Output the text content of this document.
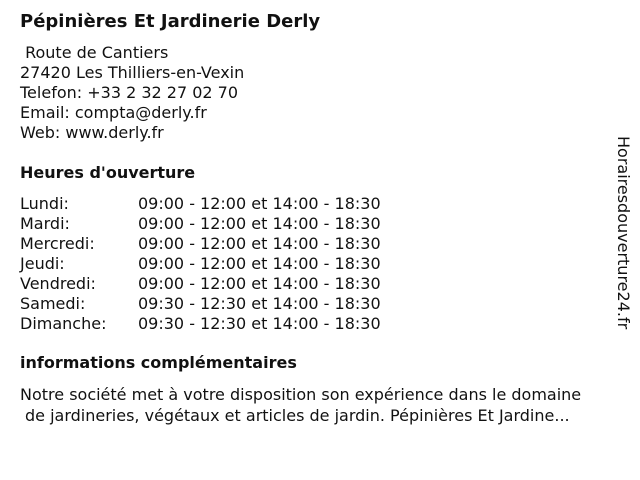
Pépinières Et Jardinerie Derly
Route de Cantiers
27420 Les Thilliers-en-Vexin
Telefon: +33 2 32 27 02 70
Email: compta@derly.fr
Web: www.derly.fr
Heures d'ouverture
Lundi:	09:00 - 12:00 et 14:00 - 18:30
Mardi:	09:00 - 12:00 et 14:00 - 18:30
Mercredi:	09:00 - 12:00 et 14:00 - 18:30
Jeudi:	09:00 - 12:00 et 14:00 - 18:30
Vendredi:	09:00 - 12:00 et 14:00 - 18:30
Samedi:	09:30 - 12:30 et 14:00 - 18:30
Dimanche: 09:30 - 12:30 et 14:00 - 18:30
informations complémentaires
Notre société met à votre disposition son expérience dans le domaine
de jardineries, végétaux et articles de jardin. Pépinières Et Jardine...
Horairesdouverture24.fr
